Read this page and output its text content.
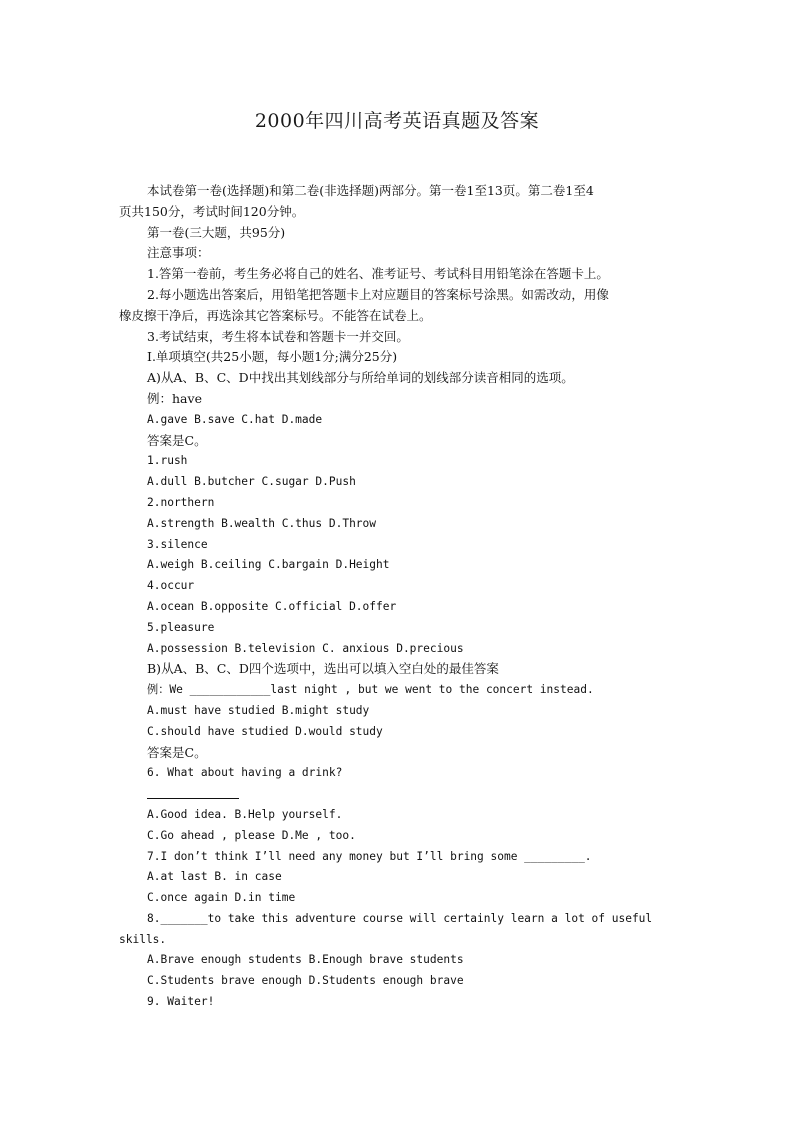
2000年四川高考英语真题及答案
本试卷第一卷(选择题)和第二卷(非选择题)两部分。第一卷1至13页。第二卷1至4
页共150分，考试时间120分钟。
第一卷(三大题，共95分)
注意事项：
1.答第一卷前，考生务必将自己的姓名、准考证号、考试科目用铅笔涂在答题卡上。
2.每小题选出答案后，用铅笔把答题卡上对应题目的答案标号涂黑。如需改动，用像
橡皮擦干净后，再选涂其它答案标号。不能答在试卷上。
3.考试结束，考生将本试卷和答题卡一并交回。
I.单项填空(共25小题，每小题1分;满分25分)
A)从A、B、C、D中找出其划线部分与所给单词的划线部分读音相同的选项。
例：have
A.gave B.save C.hat D.made
答案是C。
1.rush
A.dull B.butcher C.sugar D.Push
2.northern
A.strength B.wealth C.thus D.Throw
3.silence
A.weigh B.ceiling C.bargain D.Height
4.occur
A.ocean B.opposite C.official D.offer
5.pleasure
A.possession B.television C. anxious D.precious
B)从A、B、C、D四个选项中，选出可以填入空白处的最佳答案
例：We ____________last night , but we went to the concert instead.
A.must have studied B.might study
C.should have studied D.would study
答案是C。
6. What about having a drink?
A.Good idea. B.Help yourself.
C.Go ahead , please D.Me , too.
7.I don’t think I’ll need any money but I’ll bring some _________.
A.at last B. in case
C.once again D.in time
8._______to take this adventure course will certainly learn a lot of useful
skills.
A.Brave enough students B.Enough brave students
C.Students brave enough D.Students enough brave
9. Waiter!
